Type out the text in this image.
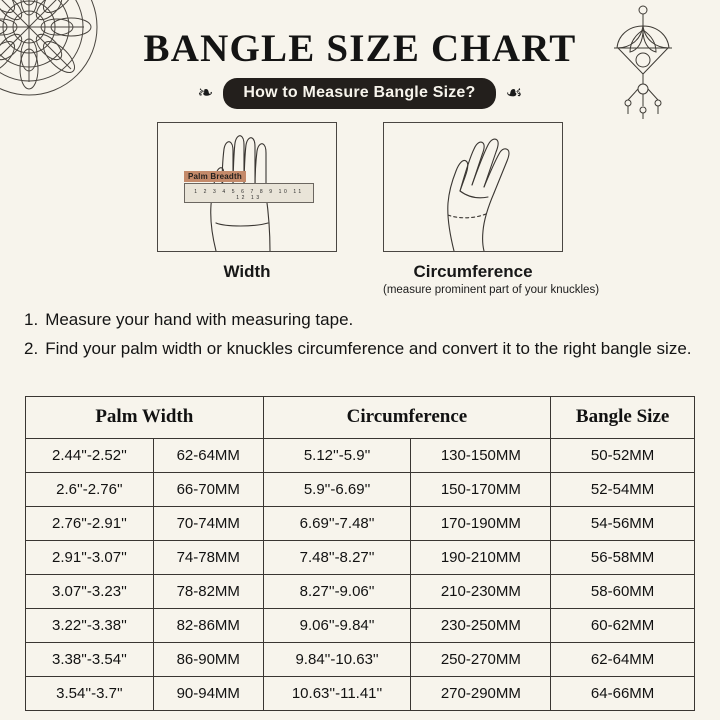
BANGLE SIZE CHART
❧	How to Measure Bangle Size?	☙
Palm Breadth
1 2 3 4 5 6 7 8 9 10 11 12 13
Width	Circumference
(measure prominent part of your knuckles)
1. Measure your hand with measuring tape.
2. Find your palm width or knuckles circumference and convert it to the right bangle size.
Palm Width		Circumference		Bangle Size
2.44''-2.52''	62-64MM	5.12''-5.9''	130-150MM	50-52MM
2.6''-2.76''	66-70MM	5.9''-6.69''	150-170MM	52-54MM
2.76''-2.91''	70-74MM	6.69''-7.48''	170-190MM	54-56MM
2.91''-3.07''	74-78MM	7.48''-8.27''	190-210MM	56-58MM
3.07''-3.23''	78-82MM	8.27''-9.06''	210-230MM	58-60MM
3.22''-3.38''	82-86MM	9.06''-9.84''	230-250MM	60-62MM
3.38''-3.54''	86-90MM	9.84''-10.63''	250-270MM	62-64MM
3.54''-3.7''	90-94MM	10.63''-11.41''	270-290MM	64-66MM
